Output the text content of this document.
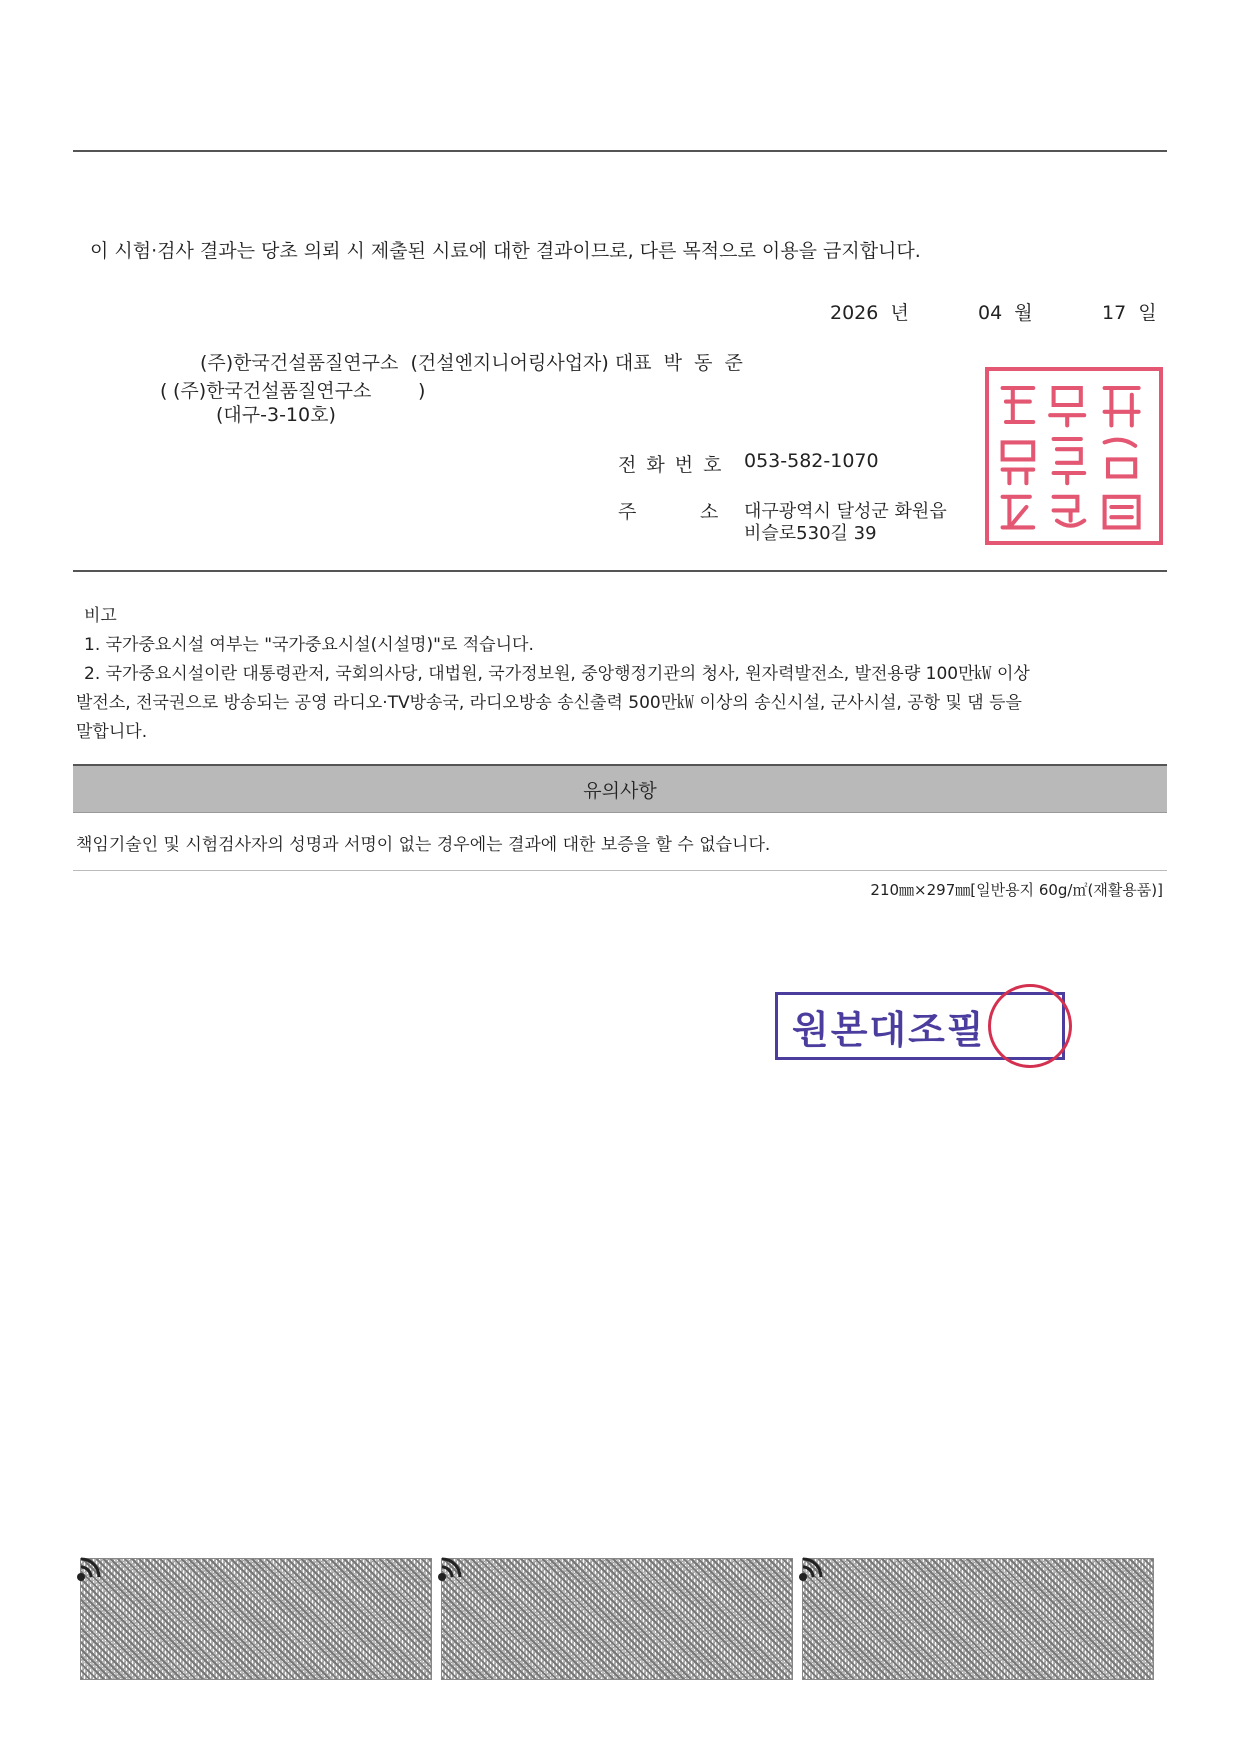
이 시험·검사 결과는 당초 의뢰 시 제출된 시료에 대한 결과이므로, 다른 목적으로 이용을 금지합니다.
2026 년	04 월	17 일
(주)한국건설품질연구소  (건설엔지니어링사업자) 대표  박  동  준
( (주)한국건설품질연구소
(대구-3-10호)
)
전 화 번 호 053-582-1070
주	소 대구광역시 달성군 화원읍
비슬로530길 39
비고
1. 국가중요시설 여부는 "국가중요시설(시설명)"로 적습니다.
2. 국가중요시설이란 대통령관저, 국회의사당, 대법원, 국가정보원, 중앙행정기관의 청사, 원자력발전소, 발전용량 100만㎾ 이상
발전소, 전국권으로 방송되는 공영 라디오·TV방송국, 라디오방송 송신출력 500만㎾ 이상의 송신시설, 군사시설, 공항 및 댐 등을
말합니다.
유의사항
책임기술인 및 시험검사자의 성명과 서명이 없는 경우에는 결과에 대한 보증을 할 수 없습니다.
210㎜×297㎜[일반용지 60g/㎡(재활용품)]
원본대조필
